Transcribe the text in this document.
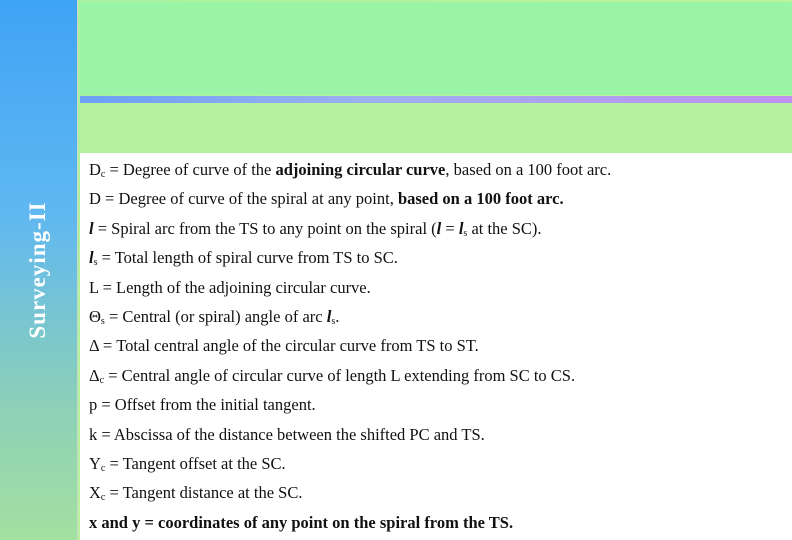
Surveying-II
$D_c$ = Degree of curve of the adjoining circular curve, based on a 100 foot arc.
D = Degree of curve of the spiral at any point, based on a 100 foot arc.
l = Spiral arc from the TS to any point on the spiral ($l = l_s$ at the SC).
$l_s$ = Total length of spiral curve from TS to SC.
L = Length of the adjoining circular curve.
$\Theta_s$ = Central (or spiral) angle of arc $l_s$.
Δ = Total central angle of the circular curve from TS to ST.
$\Delta_c$ = Central angle of circular curve of length L extending from SC to CS.
p = Offset from the initial tangent.
k = Abscissa of the distance between the shifted PC and TS.
$Y_c$ = Tangent offset at the SC.
$X_c$ = Tangent distance at the SC.
x and y = coordinates of any point on the spiral from the TS.
